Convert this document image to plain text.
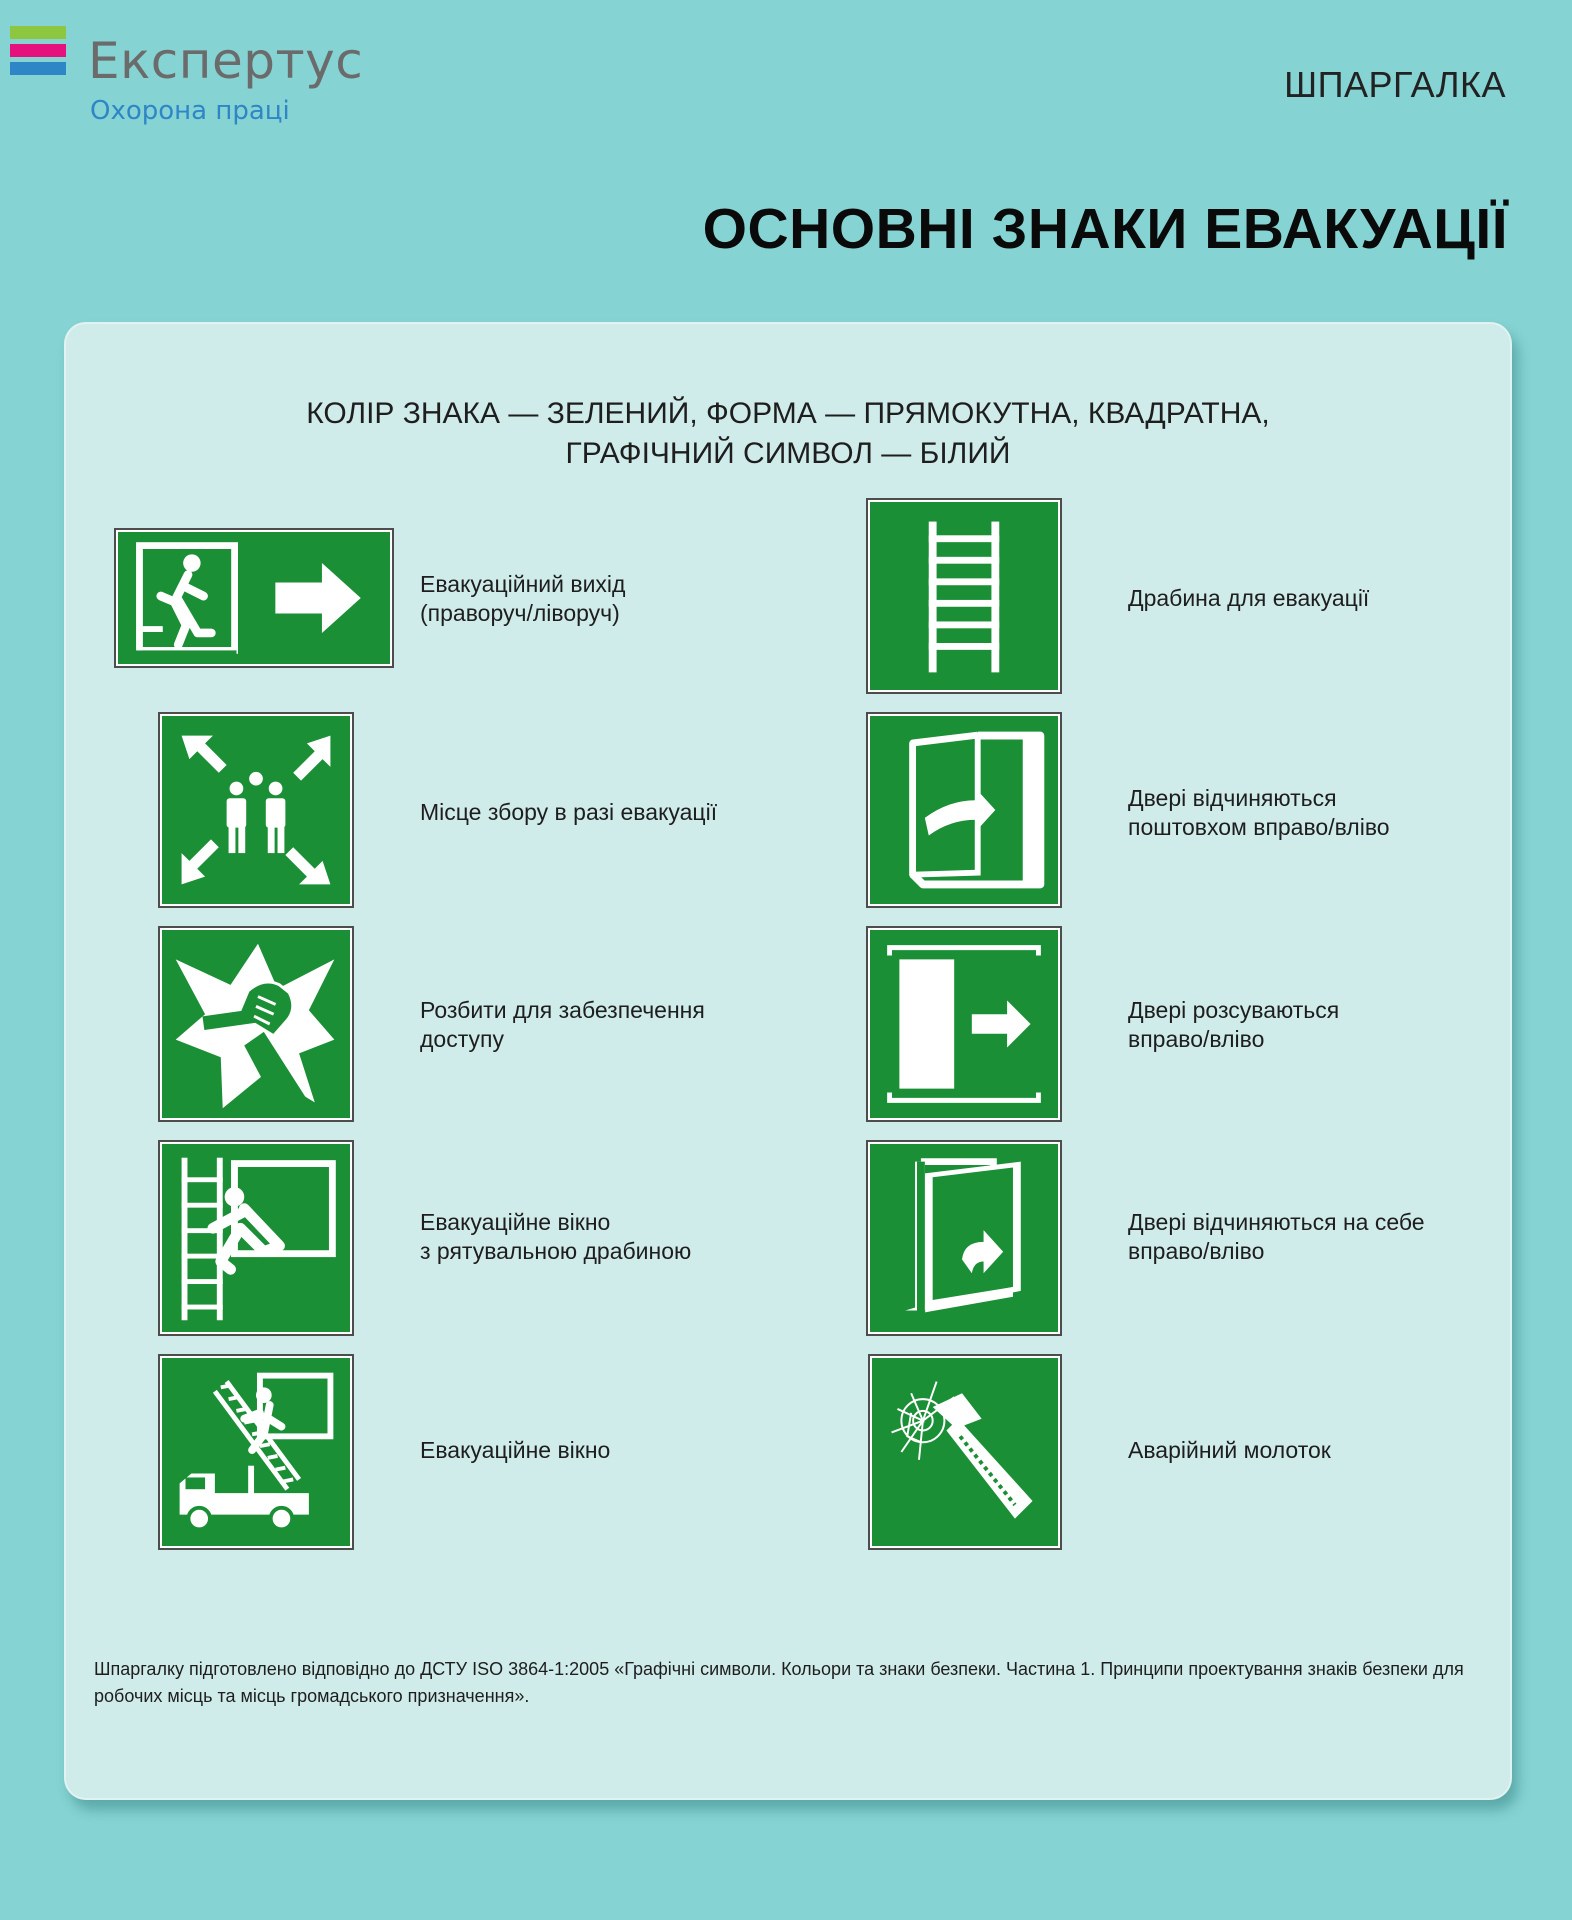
Експертус
Охорона праці
ШПАРГАЛКА
ОСНОВНІ ЗНАКИ ЕВАКУАЦІЇ
КОЛІР ЗНАКА — ЗЕЛЕНИЙ, ФОРМА — ПРЯМОКУТНА, КВАДРАТНА,
ГРАФІЧНИЙ СИМВОЛ — БІЛИЙ
Евакуаційний вихід
(праворуч/ліворуч)
Драбина для евакуації
Місце збору в разі евакуації
Двері відчиняються
поштовхом вправо/вліво
Розбити для забезпечення
доступу
Двері розсуваються
вправо/вліво
Евакуаційне вікно
з рятувальною драбиною
Двері відчиняються на себе
вправо/вліво
Евакуаційне вікно	Аварійний молоток
Шпаргалку підготовлено відповідно до ДСТУ ISO 3864-1:2005 «Графічні символи. Кольори та знаки безпеки. Частина 1. Принципи проектування знаків безпеки для робочих місць та місць громадського призначення».
